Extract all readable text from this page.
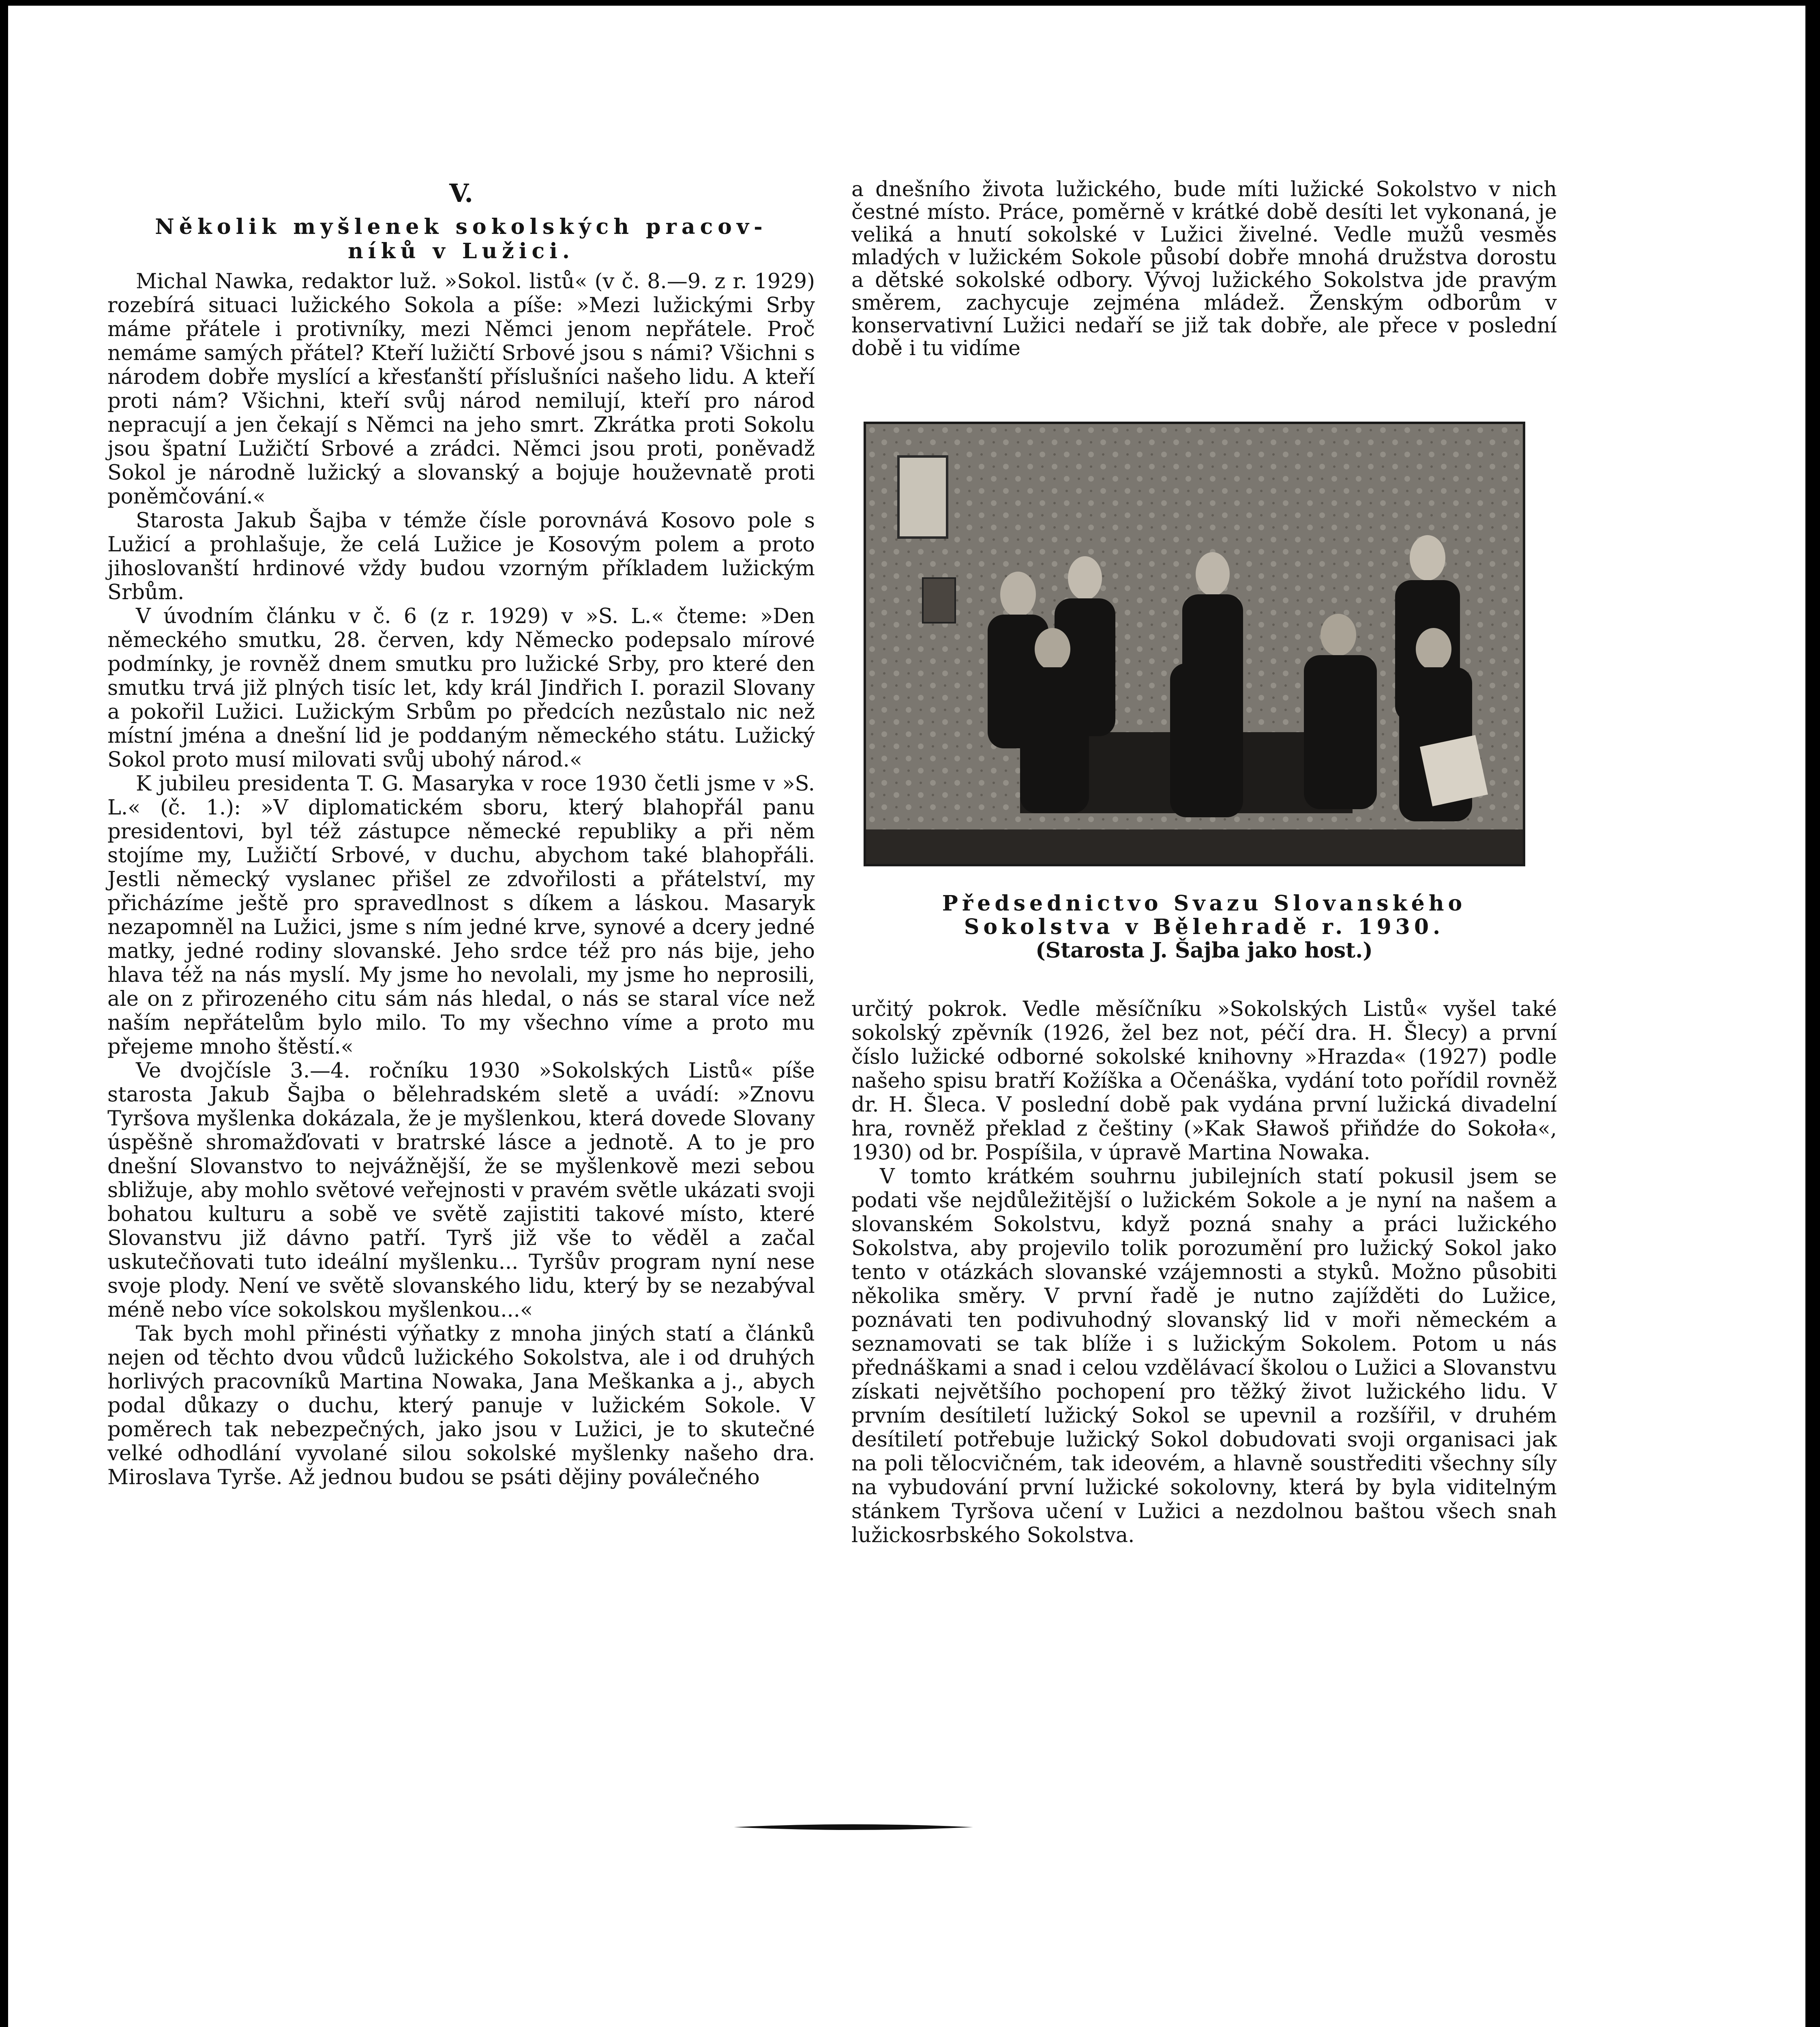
V.
Několik myšlenek sokolských pracov-
níků v Lužici.

Michal Nawka, redaktor luž. »Sokol. listů« (v č. 8.—9. z r. 1929) rozebírá situaci lužického Sokola a píše: »Mezi lužickými Srby máme přátele i protivníky, mezi Němci jenom nepřátele. Proč nemáme samých přátel? Kteří lužičtí Srbové jsou s námi? Všichni s národem dobře myslící a křesťanští příslušníci našeho lidu. A kteří proti nám? Všichni, kteří svůj národ nemilují, kteří pro národ nepracují a jen čekají s Němci na jeho smrt. Zkrátka proti Sokolu jsou špatní Lužičtí Srbové a zrádci. Němci jsou proti, poněvadž Sokol je národně lužický a slovanský a bojuje houževnatě proti poněmčování.«

Starosta Jakub Šajba v témže čísle porovnává Kosovo pole s Lužicí a prohlašuje, že celá Lužice je Kosovým polem a proto jihoslovanští hrdinové vždy budou vzorným příkladem lužickým Srbům.

V úvodním článku v č. 6 (z r. 1929) v »S. L.« čteme: »Den německého smutku, 28. červen, kdy Německo podepsalo mírové podmínky, je rovněž dnem smutku pro lužické Srby, pro které den smutku trvá již plných tisíc let, kdy král Jindřich I. porazil Slovany a pokořil Lužici. Lužickým Srbům po předcích nezůstalo nic než místní jména a dnešní lid je poddaným německého státu. Lužický Sokol proto musí milovati svůj ubohý národ.«

K jubileu presidenta T. G. Masaryka v roce 1930 četli jsme v »S. L.« (č. 1.): »V diplomatickém sboru, který blahopřál panu presidentovi, byl též zástupce německé republiky a při něm stojíme my, Lužičtí Srbové, v duchu, abychom také blahopřáli. Jestli německý vyslanec přišel ze zdvořilosti a přátelství, my přicházíme ještě pro spravedlnost s díkem a láskou. Masaryk nezapomněl na Lužici, jsme s ním jedné krve, synové a dcery jedné matky, jedné rodiny slovanské. Jeho srdce též pro nás bije, jeho hlava též na nás myslí. My jsme ho nevolali, my jsme ho neprosili, ale on z přirozeného citu sám nás hledal, o nás se staral více než naším nepřátelům bylo milo. To my všechno víme a proto mu přejeme mnoho štěstí.«

Ve dvojčísle 3.—4. ročníku 1930 »Sokolských Listů« píše starosta Jakub Šajba o bělehradském sletě a uvádí: »Znovu Tyršova myšlenka dokázala, že je myšlenkou, která dovede Slovany úspěšně shromažďovati v bratrské lásce a jednotě. A to je pro dnešní Slovanstvo to nejvážnější, že se myšlenkově mezi sebou sbližuje, aby mohlo světové veřejnosti v pravém světle ukázati svoji bohatou kulturu a sobě ve světě zajistiti takové místo, které Slovanstvu již dávno patří. Tyrš již vše to věděl a začal uskutečňovati tuto ideální myšlenku... Tyršův program nyní nese svoje plody. Není ve světě slovanského lidu, který by se nezabýval méně nebo více sokolskou myšlenkou...«

Tak bych mohl přinésti výňatky z mnoha jiných statí a článků nejen od těchto dvou vůdců lužického Sokolstva, ale i od druhých horlivých pracovníků Martina Nowaka, Jana Meškanka a j., abych podal důkazy o duchu, který panuje v lužickém Sokole. V poměrech tak nebezpečných, jako jsou v Lužici, je to skutečné velké odhodlání vyvolané silou sokolské myšlenky našeho dra. Miroslava Tyrše. Až jednou budou se psáti dějiny poválečného

a dnešního života lužického, bude míti lužické Sokolstvo v nich čestné místo. Práce, poměrně v krátké době desíti let vykonaná, je veliká a hnutí sokolské v Lužici živelné. Vedle mužů vesměs mladých v lužickém Sokole působí dobře mnohá družstva dorostu a dětské sokolské odbory. Vývoj lužického Sokolstva jde pravým směrem, zachycuje zejména mládež. Ženským odborům v konservativní Lužici nedaří se již tak dobře, ale přece v poslední době i tu vidíme

Předsednictvo Svazu Slovanského
Sokolstva v Bělehradě r. 1930.
(Starosta J. Šajba jako host.)

určitý pokrok. Vedle měsíčníku »Sokolských Listů« vyšel také sokolský zpěvník (1926, žel bez not, péčí dra. H. Šlecy) a první číslo lužické odborné sokolské knihovny »Hrazda« (1927) podle našeho spisu bratří Kožíška a Očenáška, vydání toto pořídil rovněž dr. H. Šleca. V poslední době pak vydána první lužická divadelní hra, rovněž překlad z češtiny (»Kak Sławoš přiňdźe do Sokoła«, 1930) od br. Pospíšila, v úpravě Martina Nowaka.

V tomto krátkém souhrnu jubilejních statí pokusil jsem se podati vše nejdůležitější o lužickém Sokole a je nyní na našem a slovanském Sokolstvu, když pozná snahy a práci lužického Sokolstva, aby projevilo tolik porozumění pro lužický Sokol jako tento v otázkách slovanské vzájemnosti a styků. Možno působiti několika směry. V první řadě je nutno zajížděti do Lužice, poznávati ten podivuhodný slovanský lid v moři německém a seznamovati se tak blíže i s lužickým Sokolem. Potom u nás přednáškami a snad i celou vzdělávací školou o Lužici a Slovanstvu získati největšího pochopení pro těžký život lužického lidu. V prvním desítiletí lužický Sokol se upevnil a rozšířil, v druhém desítiletí potřebuje lužický Sokol dobudovati svoji organisaci jak na poli tělocvičném, tak ideovém, a hlavně soustřediti všechny síly na vybudování první lužické sokolovny, která by byla viditelným stánkem Tyršova učení v Lužici a nezdolnou baštou všech snah lužickosrbského Sokolstva.
